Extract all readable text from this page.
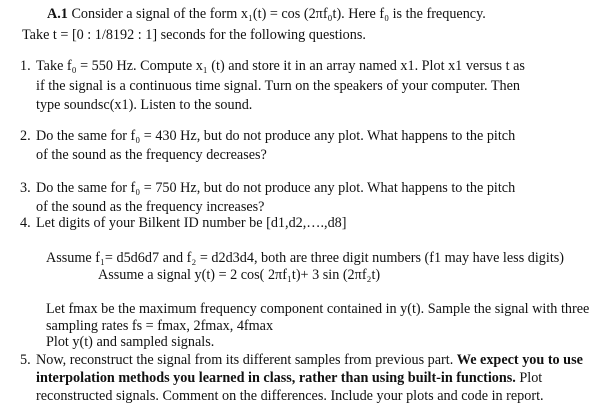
A.1 Consider a signal of the form x₁(t) = cos (2πf₀t). Here f₀ is the frequency.
Take t = [0 : 1/8192 : 1] seconds for the following questions.
1. Take f₀ = 550 Hz. Compute x₁ (t) and store it in an array named x1. Plot x1 versus t as
if the signal is a continuous time signal. Turn on the speakers of your computer. Then
type soundsc(x1). Listen to the sound.
2. Do the same for f₀ = 430 Hz, but do not produce any plot. What happens to the pitch
of the sound as the frequency decreases?
3. Do the same for f₀ = 750 Hz, but do not produce any plot. What happens to the pitch
of the sound as the frequency increases?
4. Let digits of your Bilkent ID number be [d1,d2,….,d8]
Assume f₁= d5d6d7 and f₂ = d2d3d4, both are three digit numbers (f1 may have less digits)
Assume a signal y(t) = 2 cos( 2πf₁t)+ 3 sin (2πf₂t)
Let fmax be the maximum frequency component contained in y(t). Sample the signal with three
sampling rates fs = fmax, 2fmax, 4fmax
Plot y(t) and sampled signals.
5. Now, reconstruct the signal from its different samples from previous part. We expect you to use
interpolation methods you learned in class, rather than using built-in functions. Plot
reconstructed signals. Comment on the differences. Include your plots and code in report.
